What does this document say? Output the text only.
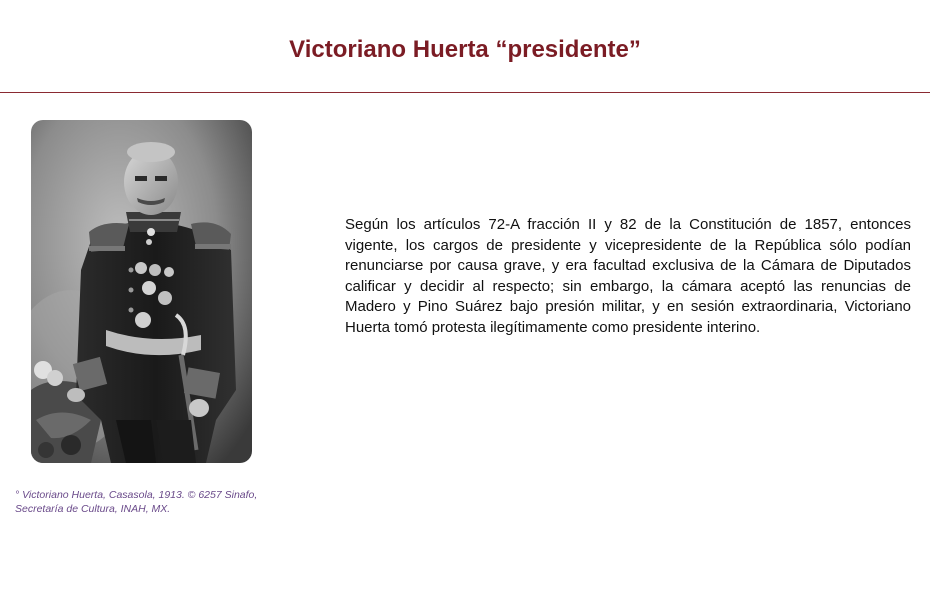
Victoriano Huerta “presidente”
° Victoriano Huerta, Casasola, 1913. © 6257 Sinafo,
Secretaría de Cultura, INAH, MX.

Según los artículos 72-A fracción II y 82 de la Constitución de 1857, entonces vigente, los cargos de presidente y vicepresidente de la República sólo podían renunciarse por causa grave, y era facultad exclusiva de la Cámara de Diputados calificar y decidir al respecto; sin embargo, la cámara aceptó las renuncias de Madero y Pino Suárez bajo presión militar, y en sesión extraordinaria, Victoriano Huerta tomó protesta ilegítimamente como presidente interino.
